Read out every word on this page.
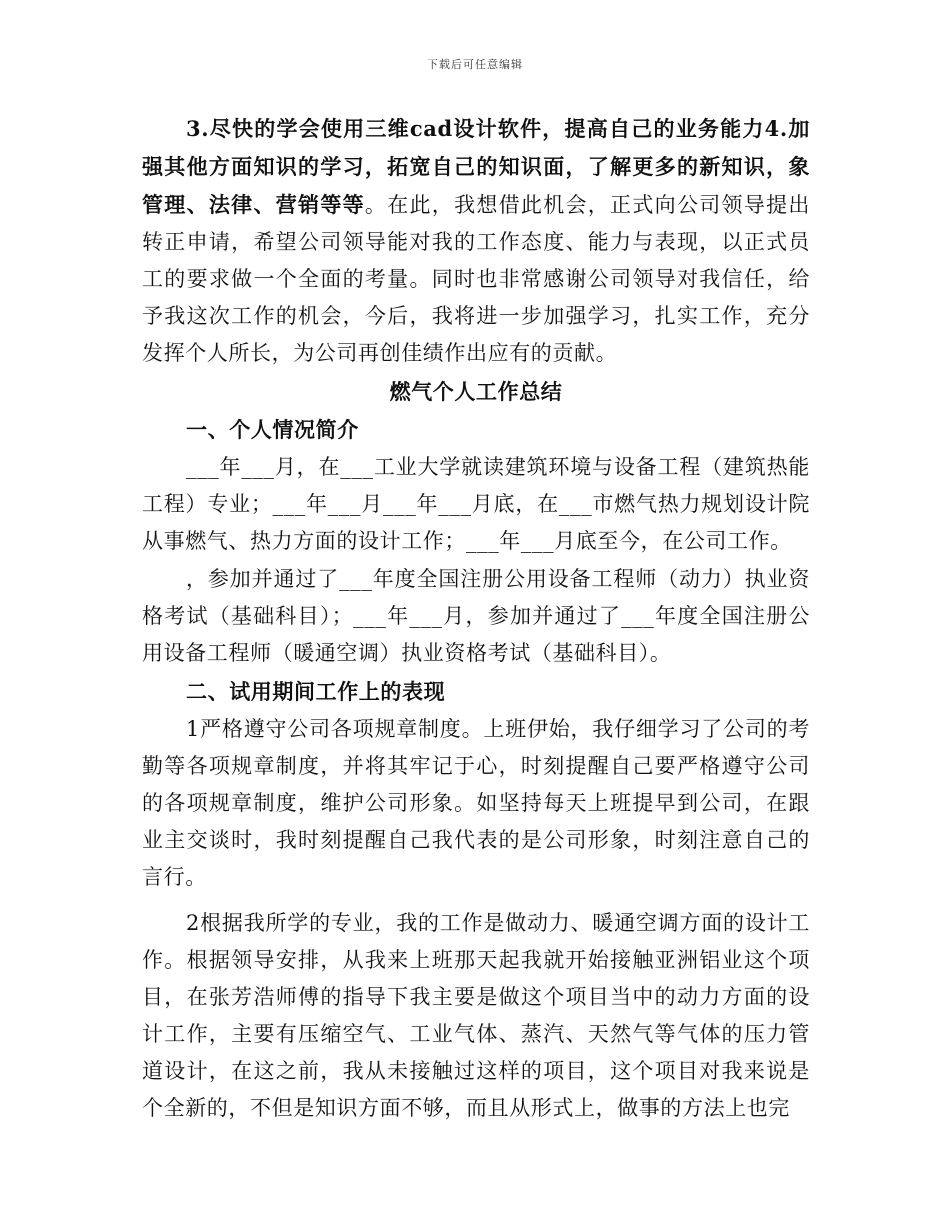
下载后可任意编辑

3.尽快的学会使用三维cad设计软件，提高自己的业务能力4.加强其他方面知识的学习，拓宽自己的知识面，了解更多的新知识，象管理、法律、营销等等。在此，我想借此机会，正式向公司领导提出转正申请，希望公司领导能对我的工作态度、能力与表现，以正式员工的要求做一个全面的考量。同时也非常感谢公司领导对我信任，给予我这次工作的机会，今后，我将进一步加强学习，扎实工作，充分发挥个人所长，为公司再创佳绩作出应有的贡献。

燃气个人工作总结
一、个人情况简介

___年___月，在___工业大学就读建筑环境与设备工程（建筑热能工程）专业；___年___月___年___月底，在___市燃气热力规划设计院从事燃气、热力方面的设计工作；___年___月底至今，在公司工作。

，参加并通过了___年度全国注册公用设备工程师（动力）执业资格考试（基础科目）；___年___月，参加并通过了___年度全国注册公用设备工程师（暖通空调）执业资格考试（基础科目）。

二、试用期间工作上的表现

1严格遵守公司各项规章制度。上班伊始，我仔细学习了公司的考勤等各项规章制度，并将其牢记于心，时刻提醒自己要严格遵守公司的各项规章制度，维护公司形象。如坚持每天上班提早到公司，在跟业主交谈时，我时刻提醒自己我代表的是公司形象，时刻注意自己的言行。

2根据我所学的专业，我的工作是做动力、暖通空调方面的设计工作。根据领导安排，从我来上班那天起我就开始接触亚洲铝业这个项目，在张芳浩师傅的指导下我主要是做这个项目当中的动力方面的设计工作，主要有压缩空气、工业气体、蒸汽、天然气等气体的压力管道设计，在这之前，我从未接触过这样的项目，这个项目对我来说是个全新的，不但是知识方面不够，而且从形式上，做事的方法上也完
